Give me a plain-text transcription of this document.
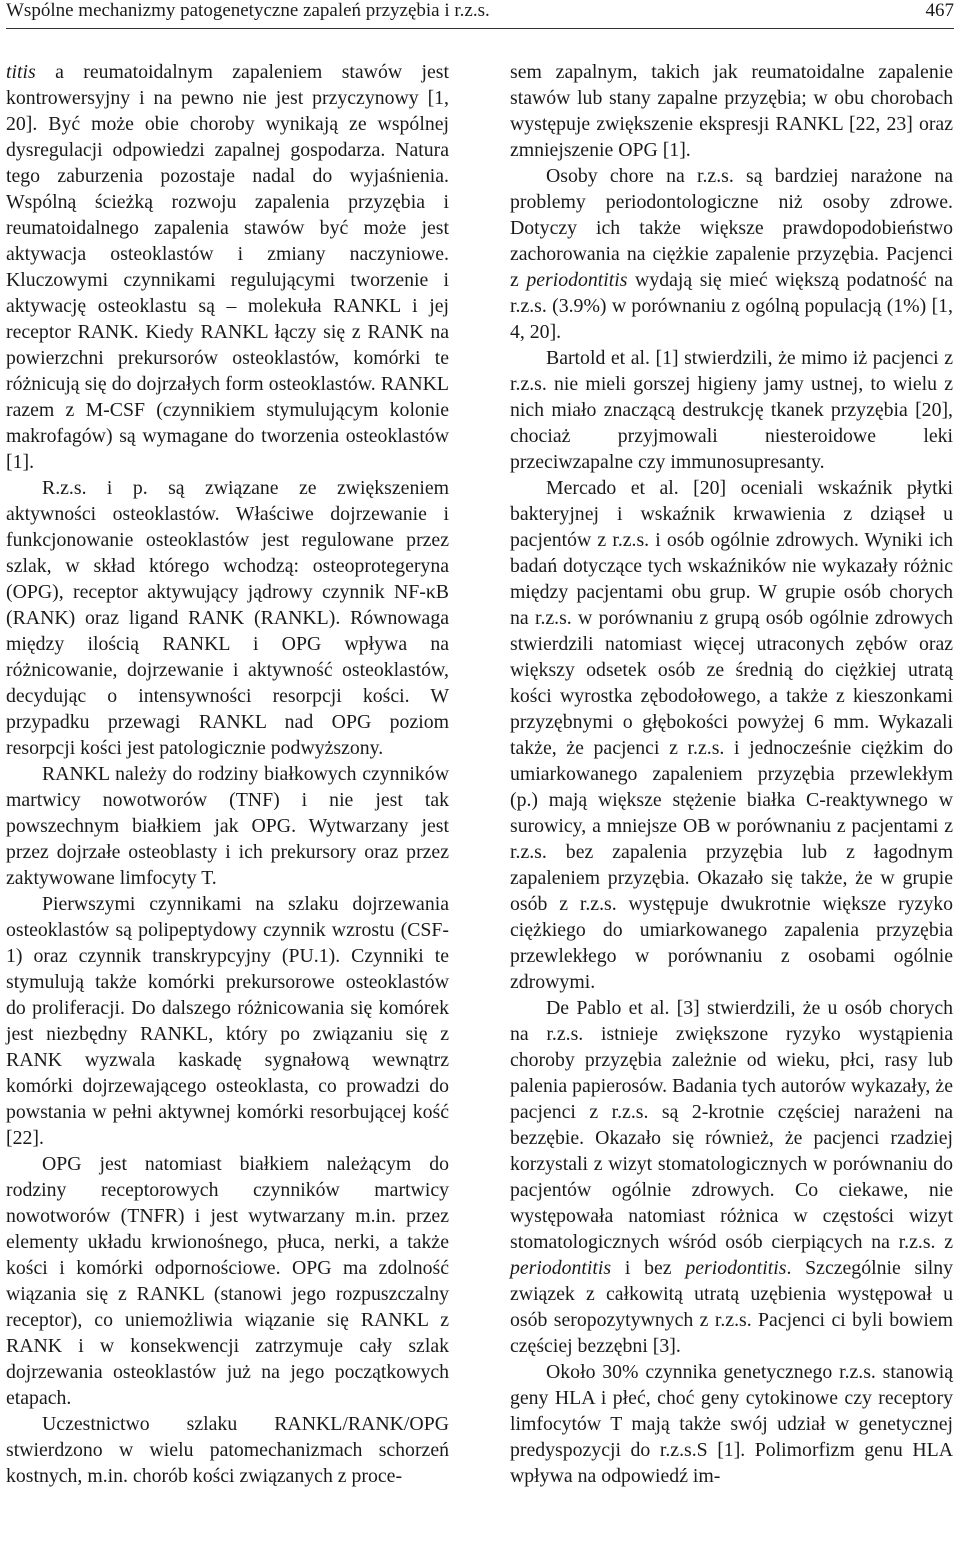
Wspólne mechanizmy patogenetyczne zapaleń przyzębia i r.z.s.	467

titis a reumatoidalnym zapaleniem stawów jest kontrowersyjny i na pewno nie jest przyczynowy [1, 20]. Być może obie choroby wynikają ze wspólnej dysregulacji odpowiedzi zapalnej gospodarza. Natura tego zaburzenia pozostaje nadal do wyjaśnienia. Wspólną ścieżką rozwoju zapalenia przyzębia i reumatoidalnego zapalenia stawów być może jest aktywacja osteoklastów i zmiany naczyniowe. Kluczowymi czynnikami regulującymi tworzenie i aktywację osteoklastu są – molekuła RANKL i jej receptor RANK. Kiedy RANKL łączy się z RANK na powierzchni prekursorów osteoklastów, komórki te różnicują się do dojrzałych form osteoklastów. RANKL razem z M-CSF (czynnikiem stymulującym kolonie makrofagów) są wymagane do tworzenia osteoklastów [1].

R.z.s. i p. są związane ze zwiększeniem aktywności osteoklastów. Właściwe dojrzewanie i funkcjonowanie osteoklastów jest regulowane przez szlak, w skład którego wchodzą: osteoprotegeryna (OPG), receptor aktywujący jądrowy czynnik NF-κB (RANK) oraz ligand RANK (RANKL). Równowaga między ilością RANKL i OPG wpływa na różnicowanie, dojrzewanie i aktywność osteoklastów, decydując o intensywności resorpcji kości. W przypadku przewagi RANKL nad OPG poziom resorpcji kości jest patologicznie podwyższony.

RANKL należy do rodziny białkowych czynników martwicy nowotworów (TNF) i nie jest tak powszechnym białkiem jak OPG. Wytwarzany jest przez dojrzałe osteoblasty i ich prekursory oraz przez zaktywowane limfocyty T.

Pierwszymi czynnikami na szlaku dojrzewania osteoklastów są polipeptydowy czynnik wzrostu (CSF-1) oraz czynnik transkrypcyjny (PU.1). Czynniki te stymulują także komórki prekursorowe osteoklastów do proliferacji. Do dalszego różnicowania się komórek jest niezbędny RANKL, który po związaniu się z RANK wyzwala kaskadę sygnałową wewnątrz komórki dojrzewającego osteoklasta, co prowadzi do powstania w pełni aktywnej komórki resorbującej kość [22].

OPG jest natomiast białkiem należącym do rodziny receptorowych czynników martwicy nowotworów (TNFR) i jest wytwarzany m.in. przez elementy układu krwionośnego, płuca, nerki, a także kości i komórki odpornościowe. OPG ma zdolność wiązania się z RANKL (stanowi jego rozpuszczalny receptor), co uniemożliwia wiązanie się RANKL z RANK i w konsekwencji zatrzymuje cały szlak dojrzewania osteoklastów już na jego początkowych etapach.

Uczestnictwo szlaku RANKL/RANK/OPG stwierdzono w wielu patomechanizmach schorzeń kostnych, m.in. chorób kości związanych z proce-

sem zapalnym, takich jak reumatoidalne zapalenie stawów lub stany zapalne przyzębia; w obu chorobach występuje zwiększenie ekspresji RANKL [22, 23] oraz zmniejszenie OPG [1].

Osoby chore na r.z.s. są bardziej narażone na problemy periodontologiczne niż osoby zdrowe. Dotyczy ich także większe prawdopodobieństwo zachorowania na ciężkie zapalenie przyzębia. Pacjenci z periodontitis wydają się mieć większą podatność na r.z.s. (3.9%) w porównaniu z ogólną populacją (1%) [1, 4, 20].

Bartold et al. [1] stwierdzili, że mimo iż pacjenci z r.z.s. nie mieli gorszej higieny jamy ustnej, to wielu z nich miało znaczącą destrukcję tkanek przyzębia [20], chociaż przyjmowali niesteroidowe leki przeciwzapalne czy immunosupresanty.

Mercado et al. [20] oceniali wskaźnik płytki bakteryjnej i wskaźnik krwawienia z dziąseł u pacjentów z r.z.s. i osób ogólnie zdrowych. Wyniki ich badań dotyczące tych wskaźników nie wykazały różnic między pacjentami obu grup. W grupie osób chorych na r.z.s. w porównaniu z grupą osób ogólnie zdrowych stwierdzili natomiast więcej utraconych zębów oraz większy odsetek osób ze średnią do ciężkiej utratą kości wyrostka zębodołowego, a także z kieszonkami przyzębnymi o głębokości powyżej 6 mm. Wykazali także, że pacjenci z r.z.s. i jednocześnie ciężkim do umiarkowanego zapaleniem przyzębia przewlekłym (p.) mają większe stężenie białka C-reaktywnego w surowicy, a mniejsze OB w porównaniu z pacjentami z r.z.s. bez zapalenia przyzębia lub z łagodnym zapaleniem przyzębia. Okazało się także, że w grupie osób z r.z.s. występuje dwukrotnie większe ryzyko ciężkiego do umiarkowanego zapalenia przyzębia przewlekłego w porównaniu z osobami ogólnie zdrowymi.

De Pablo et al. [3] stwierdzili, że u osób chorych na r.z.s. istnieje zwiększone ryzyko wystąpienia choroby przyzębia zależnie od wieku, płci, rasy lub palenia papierosów. Badania tych autorów wykazały, że pacjenci z r.z.s. są 2-krotnie częściej narażeni na bezzębie. Okazało się również, że pacjenci rzadziej korzystali z wizyt stomatologicznych w porównaniu do pacjentów ogólnie zdrowych. Co ciekawe, nie występowała natomiast różnica w częstości wizyt stomatologicznych wśród osób cierpiących na r.z.s. z periodontitis i bez periodontitis. Szczególnie silny związek z całkowitą utratą uzębienia występował u osób seropozytywnych z r.z.s. Pacjenci ci byli bowiem częściej bezzębni [3].

Około 30% czynnika genetycznego r.z.s. stanowią geny HLA i płeć, choć geny cytokinowe czy receptory limfocytów T mają także swój udział w genetycznej predyspozycji do r.z.s.S [1]. Polimorfizm genu HLA wpływa na odpowiedź im-
